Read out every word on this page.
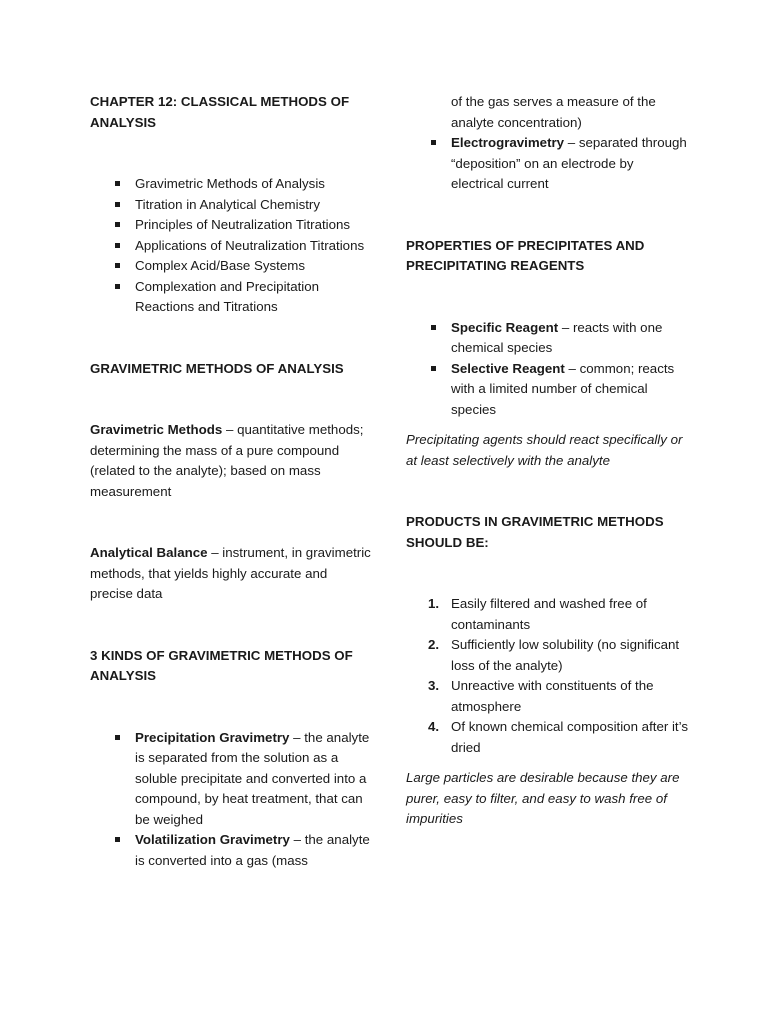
CHAPTER 12: CLASSICAL METHODS OF ANALYSIS

Gravimetric Methods of Analysis
Titration in Analytical Chemistry
Principles of Neutralization Titrations
Applications of Neutralization Titrations
Complex Acid/Base Systems
Complexation and Precipitation Reactions and Titrations

GRAVIMETRIC METHODS OF ANALYSIS

Gravimetric Methods – quantitative methods; determining the mass of a pure compound (related to the analyte); based on mass measurement

Analytical Balance – instrument, in gravimetric methods, that yields highly accurate and precise data

3 KINDS OF GRAVIMETRIC METHODS OF ANALYSIS

Precipitation Gravimetry – the analyte is separated from the solution as a soluble precipitate and converted into a compound, by heat treatment, that can be weighed
Volatilization Gravimetry – the analyte is converted into a gas (mass

of the gas serves a measure of the analyte concentration)

Electrogravimetry – separated through “deposition” on an electrode by electrical current

PROPERTIES OF PRECIPITATES AND PRECIPITATING REAGENTS

Specific Reagent – reacts with one chemical species
Selective Reagent – common; reacts with a limited number of chemical species

Precipitating agents should react specifically or at least selectively with the analyte

PRODUCTS IN GRAVIMETRIC METHODS SHOULD BE:

1. Easily filtered and washed free of contaminants
2. Sufficiently low solubility (no significant loss of the analyte)
3. Unreactive with constituents of the atmosphere
4. Of known chemical composition after it’s dried

Large particles are desirable because they are purer, easy to filter, and easy to wash free of impurities
